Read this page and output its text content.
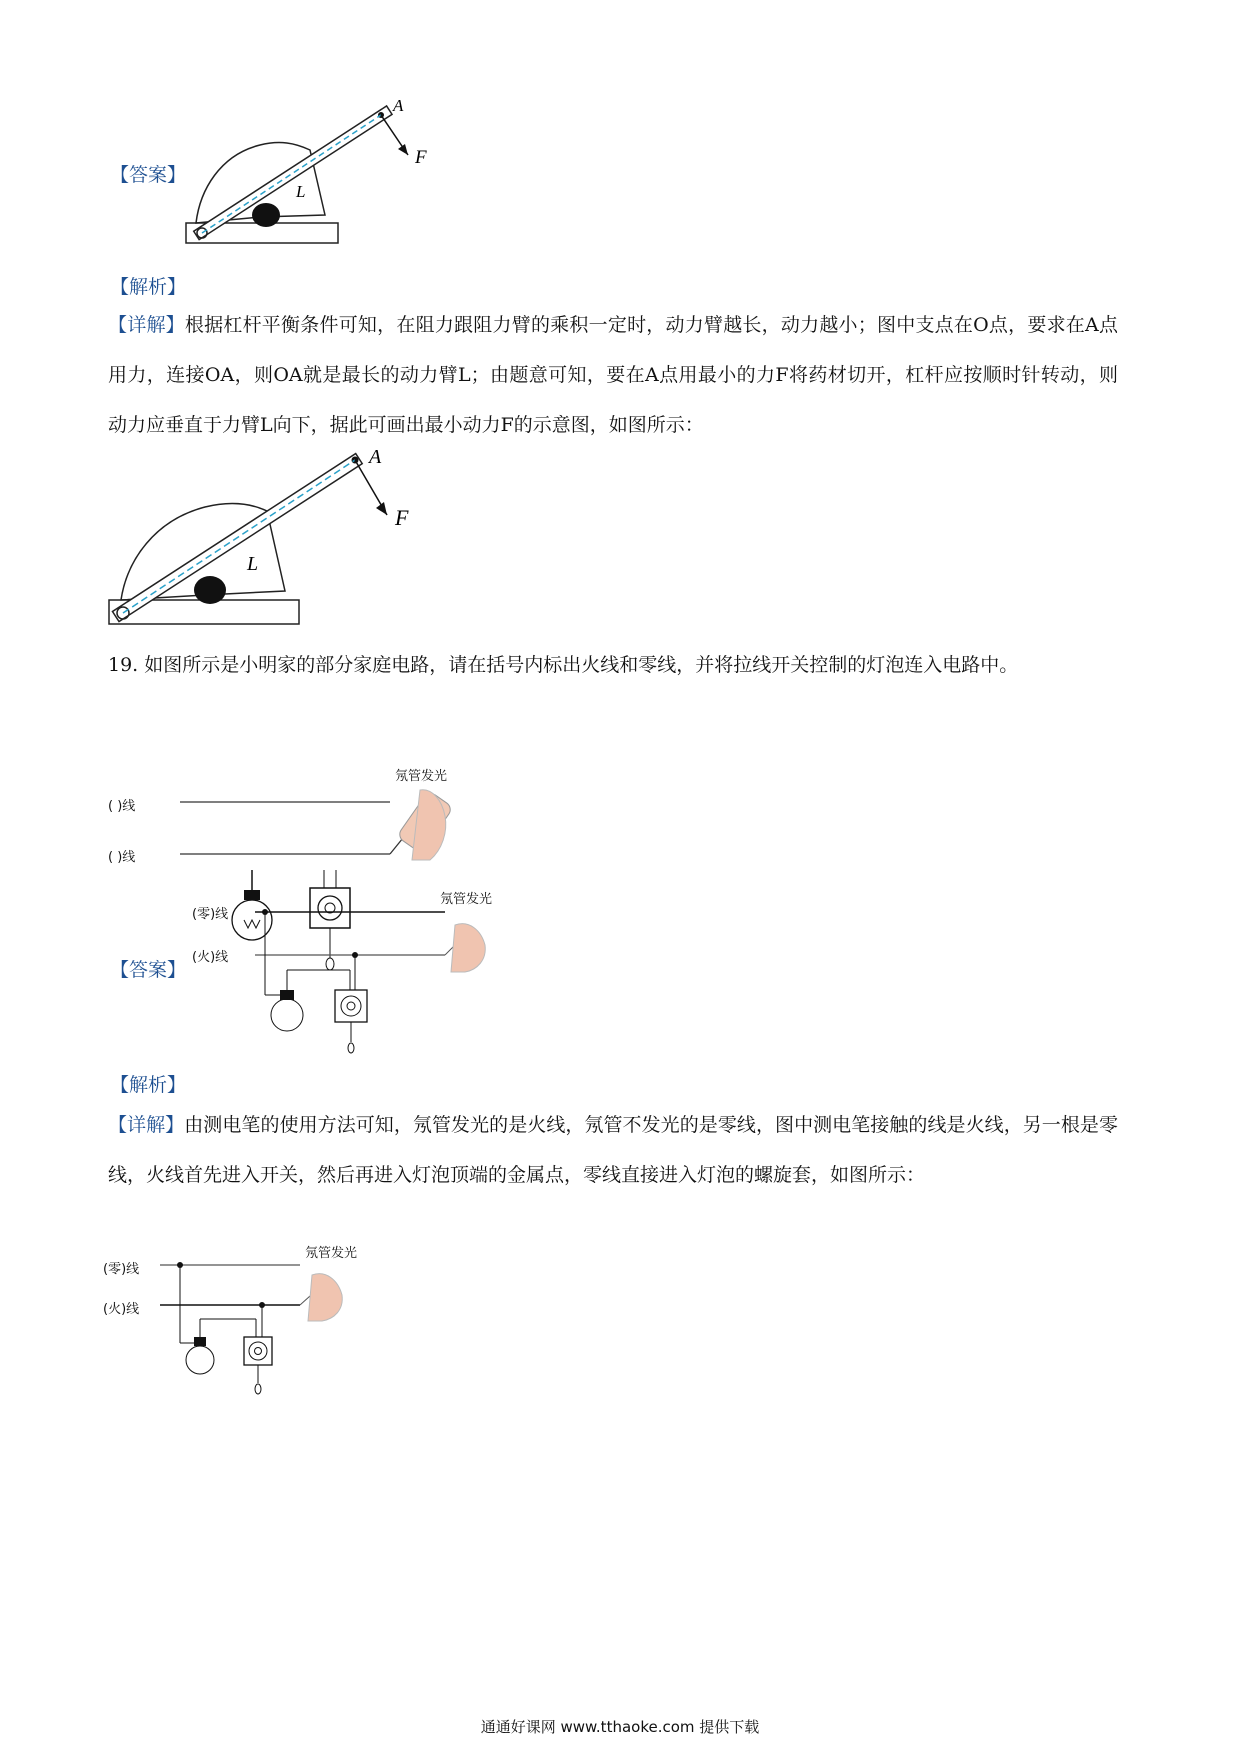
【答案】
A
F
L
【解析】
【详解】根据杠杆平衡条件可知，在阻力跟阻力臂的乘积一定时，动力臂越长，动力越小；图中支点在O点，要求在A点用力，连接OA，则OA就是最长的动力臂L；由题意可知，要在A点用最小的力F将药材切开，杠杆应按顺时针转动，则动力应垂直于力臂L向下，据此可画出最小动力F的示意图，如图所示：
A
F
L
19. 如图所示是小明家的部分家庭电路，请在括号内标出火线和零线，并将拉线开关控制的灯泡连入电路中。
( )线
( )线
氖管发光
【答案】
(零)线
(火)线
氖管发光
【解析】
【详解】由测电笔的使用方法可知，氖管发光的是火线，氖管不发光的是零线，图中测电笔接触的线是火线，另一根是零线，火线首先进入开关，然后再进入灯泡顶端的金属点，零线直接进入灯泡的螺旋套，如图所示：
(零)线
(火)线
氖管发光
通通好课网 www.tthaoke.com 提供下载
